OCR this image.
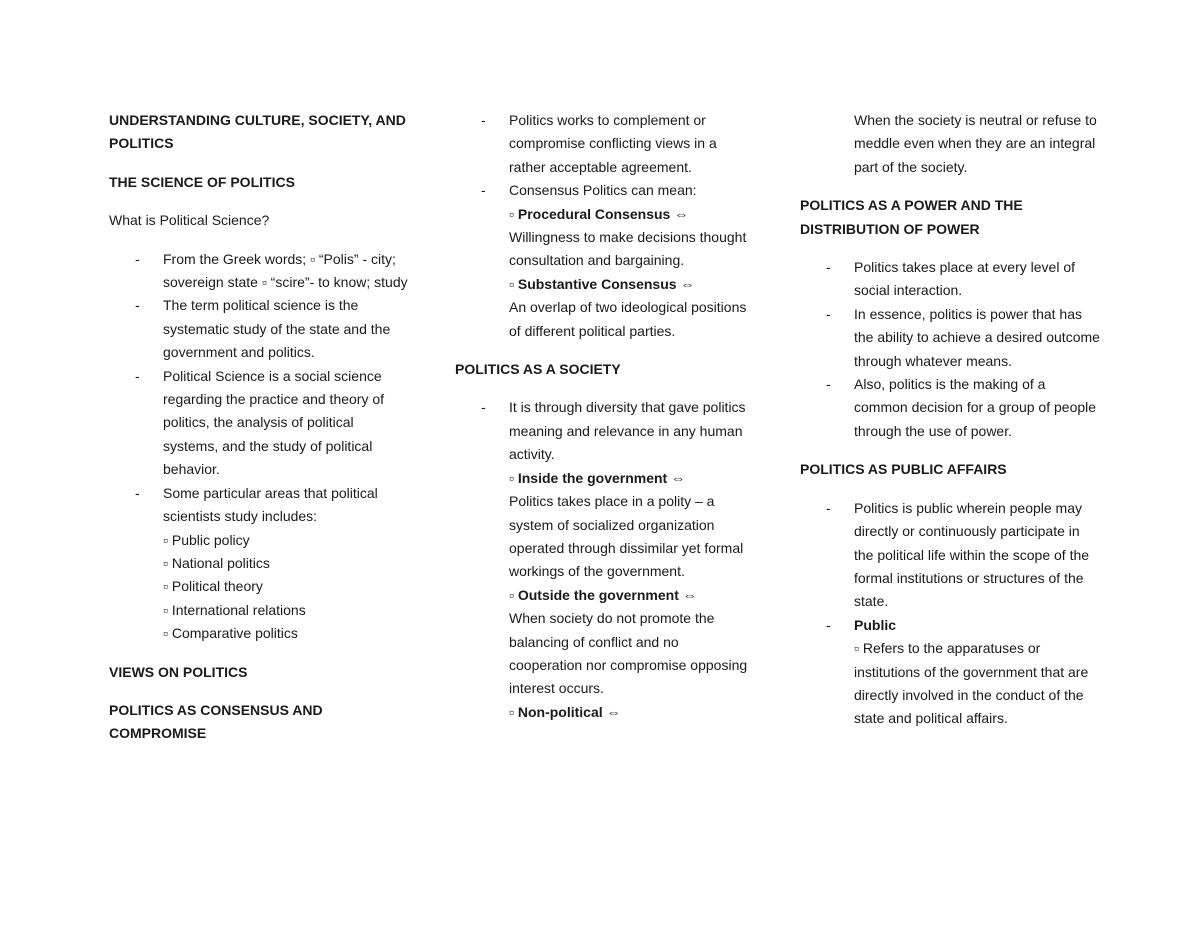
UNDERSTANDING CULTURE, SOCIETY, AND POLITICS
THE SCIENCE OF POLITICS

What is Political Science?

- From the Greek words; ▫ “Polis” - city; sovereign state ▫ “scire”- to know; study
- The term political science is the systematic study of the state and the government and politics.
- Political Science is a social science regarding the practice and theory of politics, the analysis of political systems, and the study of political behavior.
- Some particular areas that political scientists study includes:
▫ Public policy
▫ National politics
▫ Political theory
▫ International relations
▫ Comparative politics
VIEWS ON POLITICS
POLITICS AS CONSENSUS AND COMPROMISE
- Politics works to complement or compromise conflicting views in a rather acceptable agreement.
- Consensus Politics can mean:
▫ Procedural Consensus ⇔
Willingness to make decisions thought consultation and bargaining.
▫ Substantive Consensus ⇔
An overlap of two ideological positions of different political parties.
POLITICS AS A SOCIETY
- It is through diversity that gave politics meaning and relevance in any human activity.
▫ Inside the government ⇔
Politics takes place in a polity – a system of socialized organization operated through dissimilar yet formal workings of the government.
▫ Outside the government ⇔
When society do not promote the balancing of conflict and no cooperation nor compromise opposing interest occurs.
▫ Non-political ⇔

When the society is neutral or refuse to meddle even when they are an integral part of the society.

POLITICS AS A POWER AND THE DISTRIBUTION OF POWER
- Politics takes place at every level of social interaction.
- In essence, politics is power that has the ability to achieve a desired outcome through whatever means.
- Also, politics is the making of a common decision for a group of people through the use of power.
POLITICS AS PUBLIC AFFAIRS
- Politics is public wherein people may directly or continuously participate in the political life within the scope of the formal institutions or structures of the state.
- Public
▫ Refers to the apparatuses or institutions of the government that are directly involved in the conduct of the state and political affairs.
